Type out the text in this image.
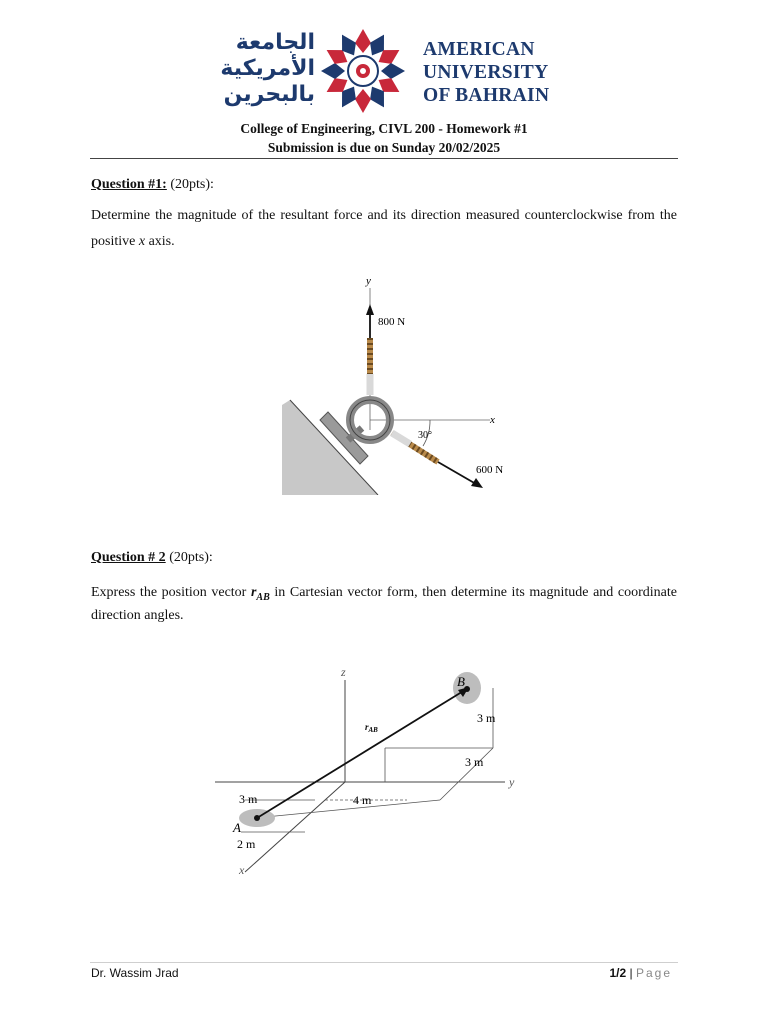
الجامعة
الأمريكية
بالبحرين
AMERICAN
UNIVERSITY
OF BAHRAIN
College of Engineering, CIVL 200 - Homework #1
Submission is due on Sunday 20/02/2025
Question #1: (20pts):
Determine the magnitude of the resultant force and its direction measured counterclockwise from the positive x axis.
y
x
800 N
30°
600 N
Question # 2 (20pts):
Express the position vector $r_{AB}$ in Cartesian vector form, then determine its magnitude and coordinate direction angles.
y
z
x
A
B
$r_{AB}$
3 m
3 m
3 m	4 m
2 m
Dr. Wassim Jrad	1/2 | Page
